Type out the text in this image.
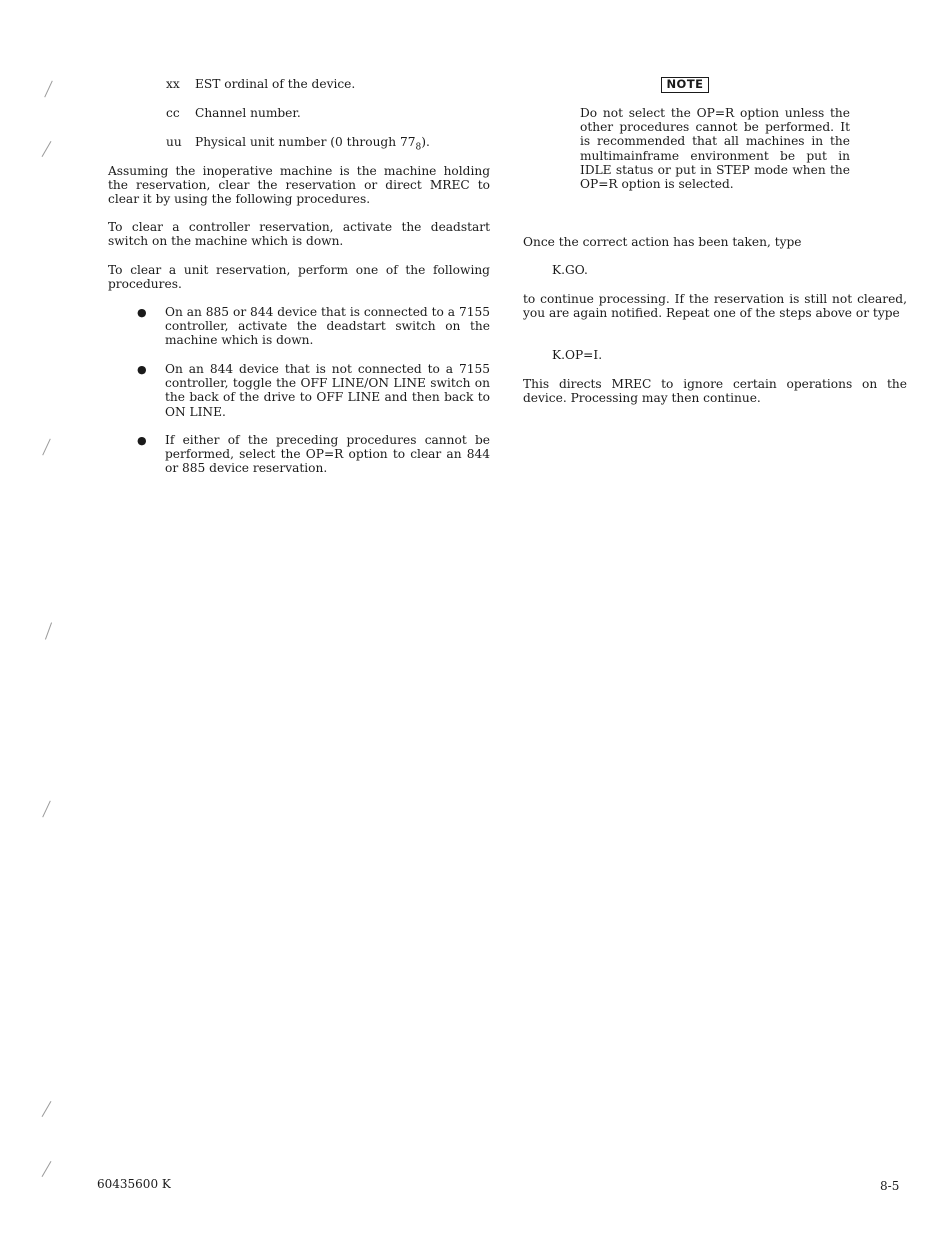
xx EST ordinal of the device.
cc Channel number.
uu Physical unit number (0 through $77_8$).
Assuming the inoperative machine is the machine holding the reservation, clear the reservation or direct MREC to clear it by using the following procedures.
To clear a controller reservation, activate the deadstart switch on the machine which is down.
To clear a unit reservation, perform one of the following procedures.
● On an 885 or 844 device that is connected to a 7155 controller, activate the deadstart switch on the machine which is down.
● On an 844 device that is not connected to a 7155 controller, toggle the OFF LINE/ON LINE switch on the back of the drive to OFF LINE and then back to ON LINE.
● If either of the preceding procedures cannot be performed, select the OP=R option to clear an 844 or 885 device reservation.
NOTE
Do not select the OP=R option unless the other procedures cannot be performed. It is recommended that all machines in the multimainframe environment be put in IDLE status or put in STEP mode when the OP=R option is selected.
Once the correct action has been taken, type
K.GO.
to continue processing. If the reservation is still not cleared, you are again notified. Repeat one of the steps above or type
K.OP=I.
This directs MREC to ignore certain operations on the device. Processing may then continue.
60435600 K	8-5
